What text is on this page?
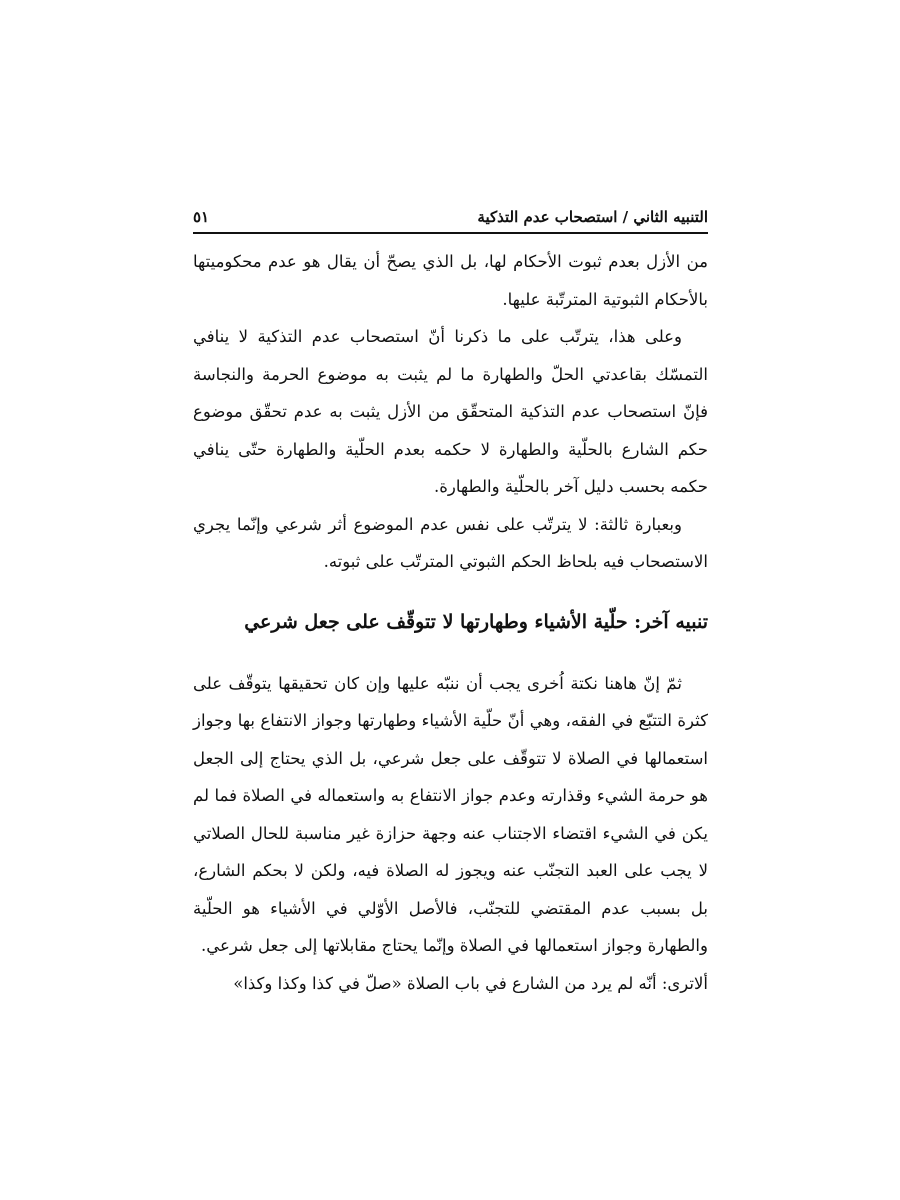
التنبيه الثاني / استصحاب عدم التذكية
٥١

من الأزل بعدم ثبوت الأحكام لها، بل الذي يصحّ أن يقال هو عدم محكوميتها بالأحكام الثبوتية المترتّبة عليها.

وعلى هذا، يترتّب على ما ذكرنا أنّ استصحاب عدم التذكية لا ينافي التمسّك بقاعدتي الحلّ والطهارة ما لم يثبت به موضوع الحرمة والنجاسة فإنّ استصحاب عدم التذكية المتحقّق من الأزل يثبت به عدم تحقّق موضوع حكم الشارع بالحلّية والطهارة لا حكمه بعدم الحلّية والطهارة حتّى ينافي حكمه بحسب دليل آخر بالحلّية والطهارة.

وبعبارة ثالثة: لا يترتّب على نفس عدم الموضوع أثر شرعي وإنّما يجري الاستصحاب فيه بلحاظ الحكم الثبوتي المترتّب على ثبوته.

تنبيه آخر: حلّية الأشياء وطهارتها لا تتوقّف على جعل شرعي

ثمّ إنّ هاهنا نكتة اُخرى يجب أن ننبّه عليها وإن كان تحقيقها يتوقّف على كثرة التتبّع في الفقه، وهي أنّ حلّية الأشياء وطهارتها وجواز الانتفاع بها وجواز استعمالها في الصلاة لا تتوقّف على جعل شرعي، بل الذي يحتاج إلى الجعل هو حرمة الشيء وقذارته وعدم جواز الانتفاع به واستعماله في الصلاة فما لم يكن في الشيء اقتضاء الاجتناب عنه وجهة حزازة غير مناسبة للحال الصلاتي لا يجب على العبد التجنّب عنه ويجوز له الصلاة فيه، ولكن لا بحكم الشارع، بل بسبب عدم المقتضي للتجنّب، فالأصل الأوّلي في الأشياء هو الحلّية والطهارة وجواز استعمالها في الصلاة وإنّما يحتاج مقابلاتها إلى جعل شرعي.

ألاترى: أنّه لم يرد من الشارع في باب الصلاة «صلّ في كذا وكذا وكذا»
